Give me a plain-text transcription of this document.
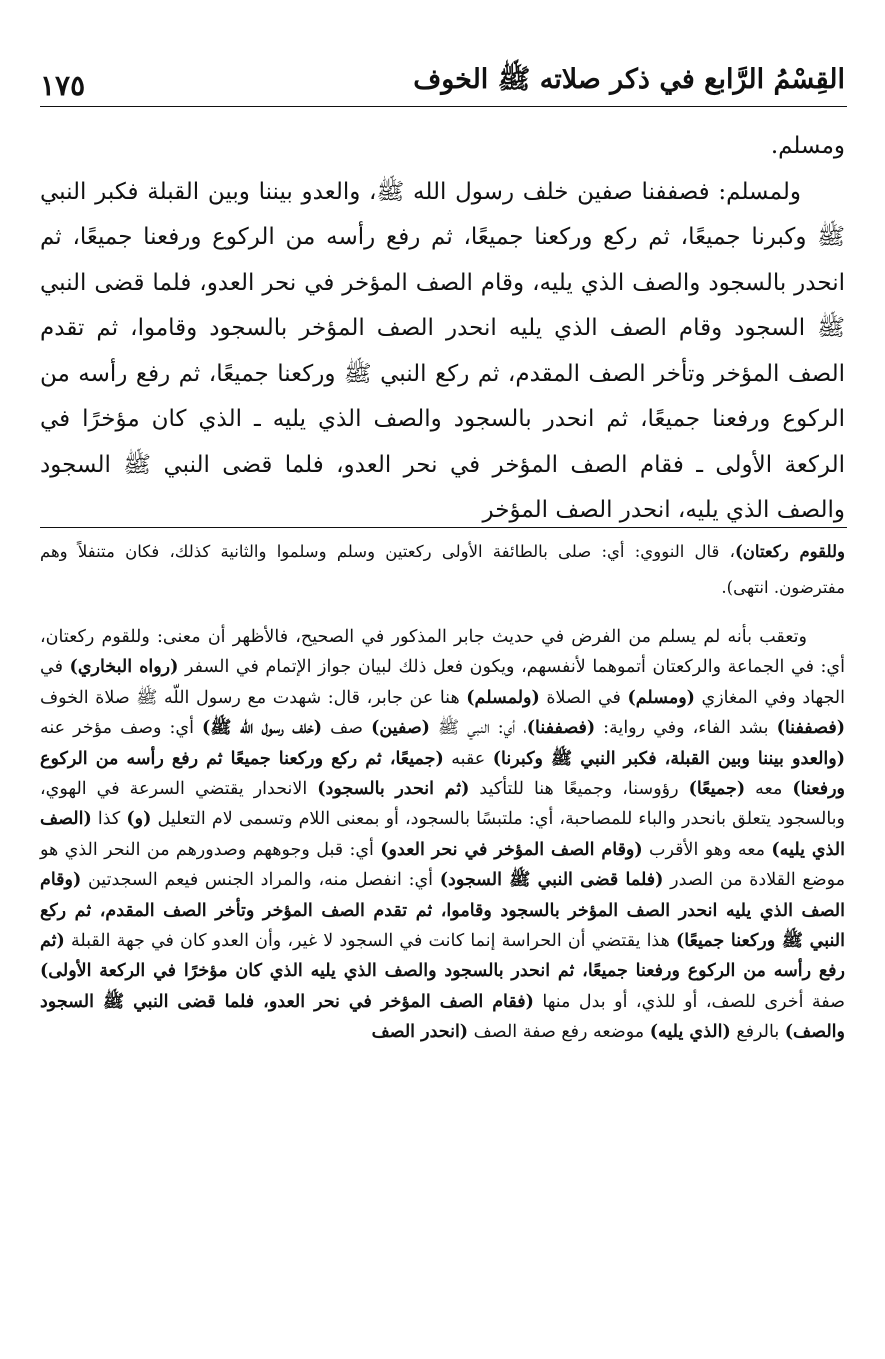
القِسْمُ الرَّابع في ذكر صلاته ﷺ الخوف
١٧٥

ومسلم.

ولمسلم: فصففنا صفين خلف رسول الله ﷺ، والعدو بيننا وبين القبلة فكبر النبي ﷺ وكبرنا جميعًا، ثم ركع وركعنا جميعًا، ثم رفع رأسه من الركوع ورفعنا جميعًا، ثم انحدر بالسجود والصف الذي يليه، وقام الصف المؤخر في نحر العدو، فلما قضى النبي ﷺ السجود وقام الصف الذي يليه انحدر الصف المؤخر بالسجود وقاموا، ثم تقدم الصف المؤخر وتأخر الصف المقدم، ثم ركع النبي ﷺ وركعنا جميعًا، ثم رفع رأسه من الركوع ورفعنا جميعًا، ثم انحدر بالسجود والصف الذي يليه ـ الذي كان مؤخرًا في الركعة الأولى ـ فقام الصف المؤخر في نحر العدو، فلما قضى النبي ﷺ السجود والصف الذي يليه، انحدر الصف المؤخر

وللقوم ركعتان)، قال النووي: أي: صلى بالطائفة الأولى ركعتين وسلم وسلموا والثانية كذلك، فكان متنفلاً وهم مفترضون. انتهى).

وتعقب بأنه لم يسلم من الفرض في حديث جابر المذكور في الصحيح، فالأظهر أن معنى: وللقوم ركعتان، أي: في الجماعة والركعتان أتموهما لأنفسهم، ويكون فعل ذلك لبيان جواز الإتمام في السفر (رواه البخاري) في الجهاد وفي المغازي (ومسلم) في الصلاة (ولمسلم) هنا عن جابر، قال: شهدت مع رسول اللّه ﷺ صلاة الخوف (فصففنا) بشد الفاء، وفي رواية: (فصففنا)، أي: النبي ﷺ (صفين) صف (خلف رسول اللّه ﷺ) أي: وصف مؤخر عنه (والعدو بيننا وبين القبلة، فكبر النبي ﷺ وكبرنا) عقبه (جميعًا، ثم ركع وركعنا جميعًا ثم رفع رأسه من الركوع ورفعنا) معه (جميعًا) رؤوسنا، وجميعًا هنا للتأكيد (ثم انحدر بالسجود) الانحدار يقتضي السرعة في الهوي، وبالسجود يتعلق بانحدر والباء للمصاحبة، أي: ملتبسًا بالسجود، أو بمعنى اللام وتسمى لام التعليل (و) كذا (الصف الذي يليه) معه وهو الأقرب (وقام الصف المؤخر في نحر العدو) أي: قبل وجوههم وصدورهم من النحر الذي هو موضع القلادة من الصدر (فلما قضى النبي ﷺ السجود) أي: انفصل منه، والمراد الجنس فيعم السجدتين (وقام الصف الذي يليه انحدر الصف المؤخر بالسجود وقاموا، ثم تقدم الصف المؤخر وتأخر الصف المقدم، ثم ركع النبي ﷺ وركعنا جميعًا) هذا يقتضي أن الحراسة إنما كانت في السجود لا غير، وأن العدو كان في جهة القبلة (ثم رفع رأسه من الركوع ورفعنا جميعًا، ثم انحدر بالسجود والصف الذي يليه الذي كان مؤخرًا في الركعة الأولى) صفة أخرى للصف، أو للذي، أو بدل منها (فقام الصف المؤخر في نحر العدو، فلما قضى النبي ﷺ السجود والصف) بالرفع (الذي يليه) موضعه رفع صفة الصف (انحدر الصف
